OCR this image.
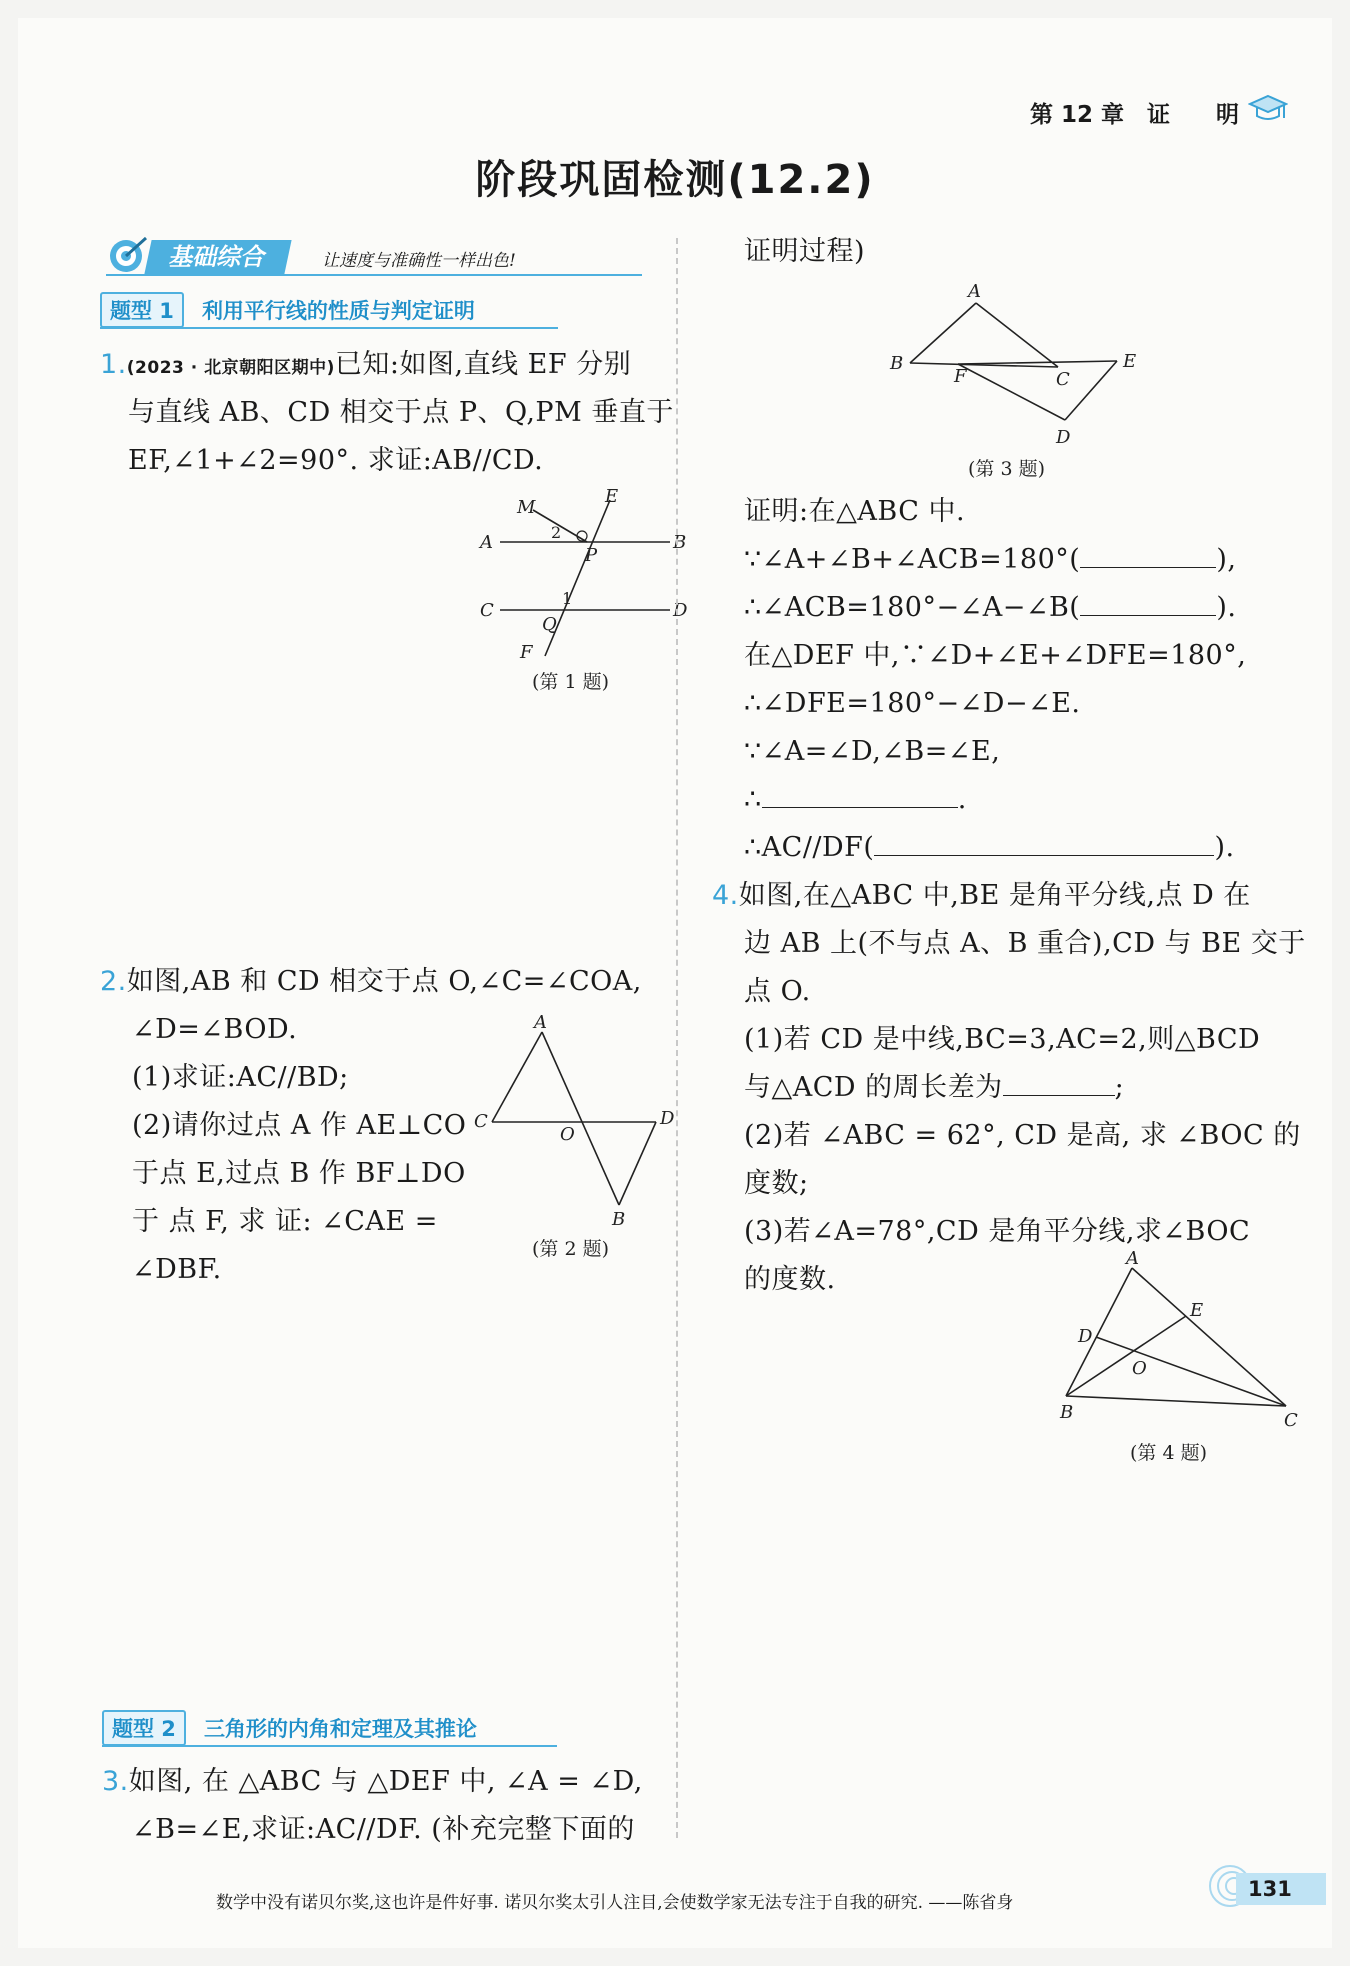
第 12 章　证　　明
阶段巩固检测(12.2)
基础综合	让速度与准确性一样出色!
题型 1	利用平行线的性质与判定证明
1.(2023 · 北京朝阳区期中)已知:如图,直线 EF 分别
与直线 AB、CD 相交于点 P、Q,PM 垂直于
EF,∠1+∠2=90°. 求证:AB//CD.
M
E
2
P
A	B
C
1
Q
D
F
(第 1 题)
2.如图,AB 和 CD 相交于点 O,∠C=∠COA,
∠D=∠BOD.
(1)求证:AC//BD;
(2)请你过点 A 作 AE⊥CO
于点 E,过点 B 作 BF⊥DO
于 点 F, 求 证: ∠CAE =
∠DBF.
A
C
O
D
B
(第 2 题)
题型 2	三角形的内角和定理及其推论
3.如图, 在 △ABC 与 △DEF 中, ∠A = ∠D,
∠B=∠E,求证:AC//DF. (补充完整下面的
证明过程)
A
B
F	C
E
D
(第 3 题)
证明:在△ABC 中.
∵∠A+∠B+∠ACB=180°(	),
∴∠ACB=180°−∠A−∠B(	).
在△DEF 中,∵∠D+∠E+∠DFE=180°,
∴∠DFE=180°−∠D−∠E.
∵∠A=∠D,∠B=∠E,
∴	.
∴AC//DF(	).
4.如图,在△ABC 中,BE 是角平分线,点 D 在
边 AB 上(不与点 A、B 重合),CD 与 BE 交于
点 O.
(1)若 CD 是中线,BC=3,AC=2,则△BCD
与△ACD 的周长差为	;
(2)若 ∠ABC = 62°, CD 是高, 求 ∠BOC 的
度数;
(3)若∠A=78°,CD 是角平分线,求∠BOC
的度数.
A
D
E
O
B	C
(第 4 题)
数学中没有诺贝尔奖,这也许是件好事. 诺贝尔奖太引人注目,会使数学家无法专注于自我的研究. ——陈省身
131
